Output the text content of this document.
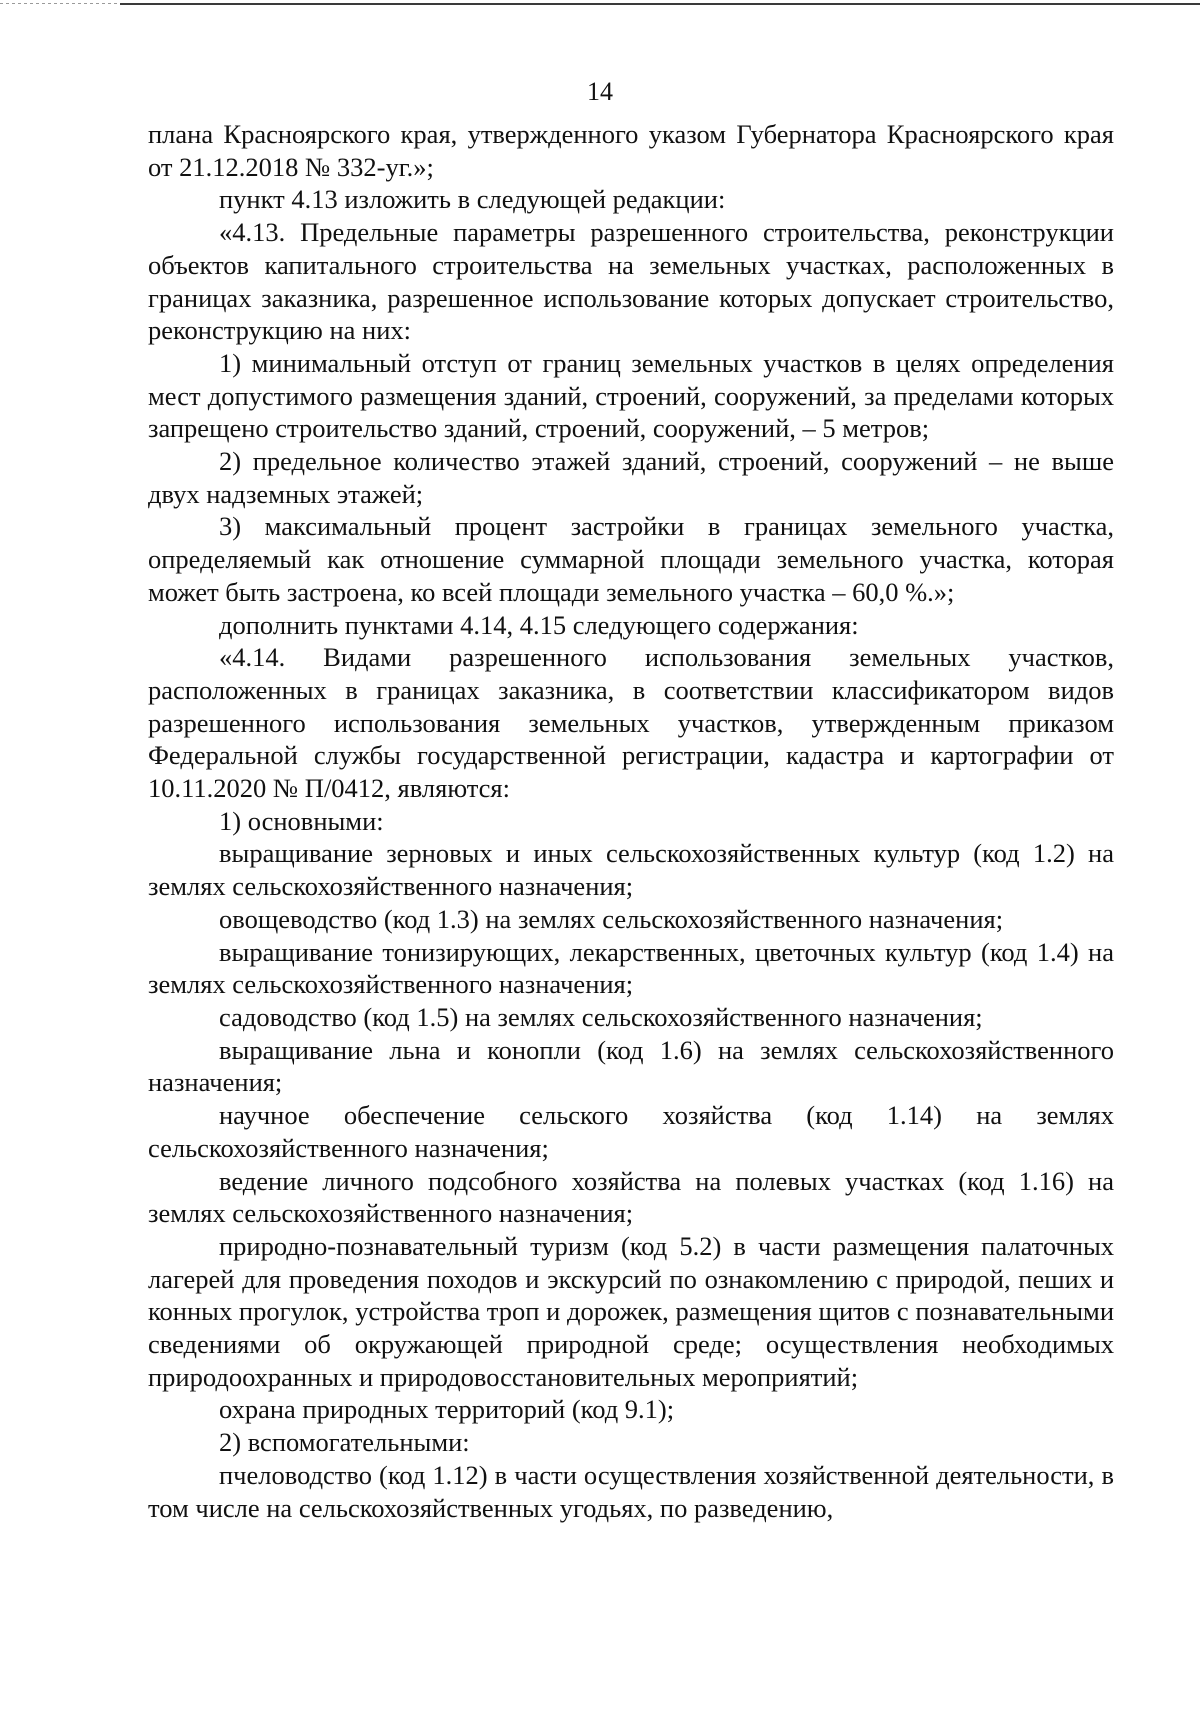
14

плана Красноярского края, утвержденного указом Губернатора Красноярского края от 21.12.2018 № 332-уг.»;

пункт 4.13 изложить в следующей редакции:

«4.13. Предельные параметры разрешенного строительства, реконструкции объектов капитального строительства на земельных участках, расположенных в границах заказника, разрешенное использование которых допускает строительство, реконструкцию на них:

1) минимальный отступ от границ земельных участков в целях определения мест допустимого размещения зданий, строений, сооружений, за пределами которых запрещено строительство зданий, строений, сооружений, – 5 метров;

2) предельное количество этажей зданий, строений, сооружений – не выше двух надземных этажей;

3) максимальный процент застройки в границах земельного участка, определяемый как отношение суммарной площади земельного участка, которая может быть застроена, ко всей площади земельного участка – 60,0 %.»;

дополнить пунктами 4.14, 4.15 следующего содержания:

«4.14. Видами разрешенного использования земельных участков, расположенных в границах заказника, в соответствии классификатором видов разрешенного использования земельных участков, утвержденным приказом Федеральной службы государственной регистрации, кадастра и картографии от 10.11.2020 № П/0412, являются:

1) основными:

выращивание зерновых и иных сельскохозяйственных культур (код 1.2) на землях сельскохозяйственного назначения;

овощеводство (код 1.3) на землях сельскохозяйственного назначения;

выращивание тонизирующих, лекарственных, цветочных культур (код 1.4) на землях сельскохозяйственного назначения;

садоводство (код 1.5) на землях сельскохозяйственного назначения;

выращивание льна и конопли (код 1.6) на землях сельскохозяйственного назначения;

научное обеспечение сельского хозяйства (код 1.14) на землях сельскохозяйственного назначения;

ведение личного подсобного хозяйства на полевых участках (код 1.16) на землях сельскохозяйственного назначения;

природно-познавательный туризм (код 5.2) в части размещения палаточных лагерей для проведения походов и экскурсий по ознакомлению с природой, пеших и конных прогулок, устройства троп и дорожек, размещения щитов с познавательными сведениями об окружающей природной среде; осуществления необходимых природоохранных и природовосстановительных мероприятий;

охрана природных территорий (код 9.1);

2) вспомогательными:

пчеловодство (код 1.12) в части осуществления хозяйственной деятельности, в том числе на сельскохозяйственных угодьях, по разведению,
